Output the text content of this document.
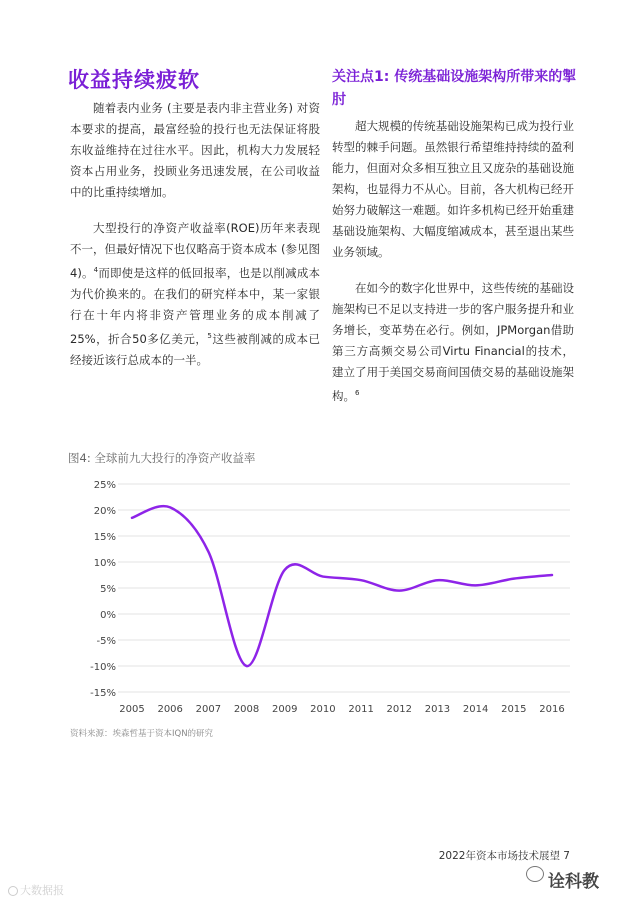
收益持续疲软

随着表内业务 (主要是表内非主营业务) 对资本要求的提高，最富经验的投行也无法保证将股东收益维持在过往水平。因此，机构大力发展轻资本占用业务，投顾业务迅速发展，在公司收益中的比重持续增加。

大型投行的净资产收益率(ROE)历年来表现不一，但最好情况下也仅略高于资本成本 (参见图4)。$^4$而即使是这样的低回报率，也是以削减成本为代价换来的。在我们的研究样本中，某一家银行在十年内将非资产管理业务的成本削减了25%，折合50多亿美元，$^5$这些被削减的成本已经接近该行总成本的一半。

关注点1: 传统基础设施架构所带来的掣肘

超大规模的传统基础设施架构已成为投行业转型的棘手问题。虽然银行希望维持持续的盈利能力，但面对众多相互独立且又庞杂的基础设施架构，也显得力不从心。目前，各大机构已经开始努力破解这一难题。如许多机构已经开始重建基础设施架构、大幅度缩减成本，甚至退出某些业务领域。

在如今的数字化世界中，这些传统的基础设施架构已不足以支持进一步的客户服务提升和业务增长，变革势在必行。例如，JPMorgan借助第三方高频交易公司Virtu Financial的技术，建立了用于美国交易商间国债交易的基础设施架构。$^6$

图4: 全球前九大投行的净资产收益率
25%
20%
15%
10%
5%
0%
-5%
-10%
-15%
2005 2006 2007 2008 2009 2010 2011 2012 2013 2014 2015 2016
资料来源：埃森哲基于资本IQN的研究
2022年资本市场技术展望 7
大数据报	诠科教
